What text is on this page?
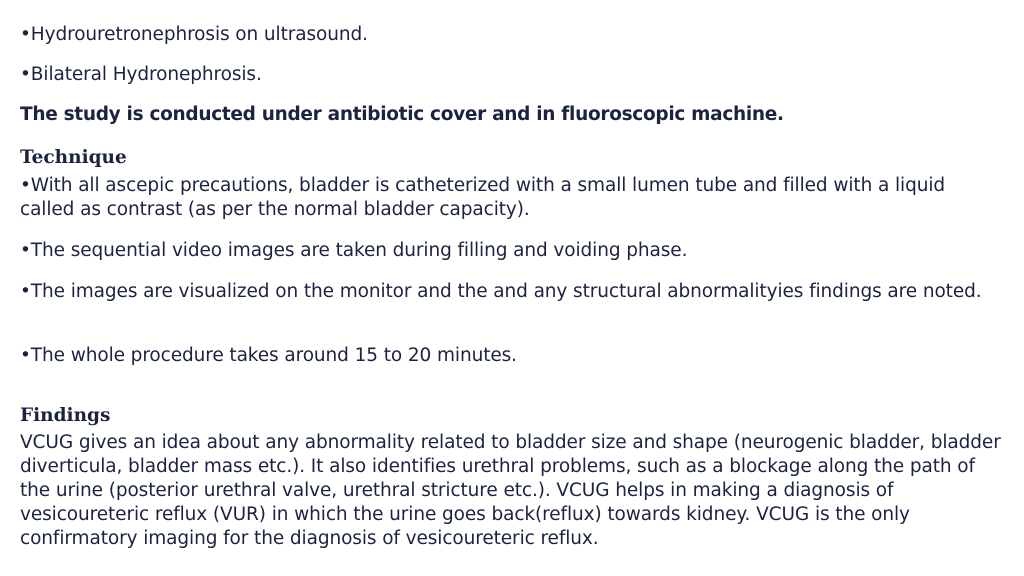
•Hydrouretronephrosis on ultrasound.

•Bilateral Hydronephrosis.

The study is conducted under antibiotic cover and in fluoroscopic machine.

Technique

•With all ascepic precautions, bladder is catheterized with a small lumen tube and filled with a liquid called as contrast (as per the normal bladder capacity).

•The sequential video images are taken during filling and voiding phase.

•The images are visualized on the monitor and the and any structural abnormalityies findings are noted.

•The whole procedure takes around 15 to 20 minutes.

Findings

VCUG gives an idea about any abnormality related to bladder size and shape (neurogenic bladder, bladder diverticula, bladder mass etc.). It also identifies urethral problems, such as a blockage along the path of the urine (posterior urethral valve, urethral stricture etc.). VCUG helps in making a diagnosis of vesicoureteric reflux (VUR) in which the urine goes back(reflux) towards kidney. VCUG is the only confirmatory imaging for the diagnosis of vesicoureteric reflux.
